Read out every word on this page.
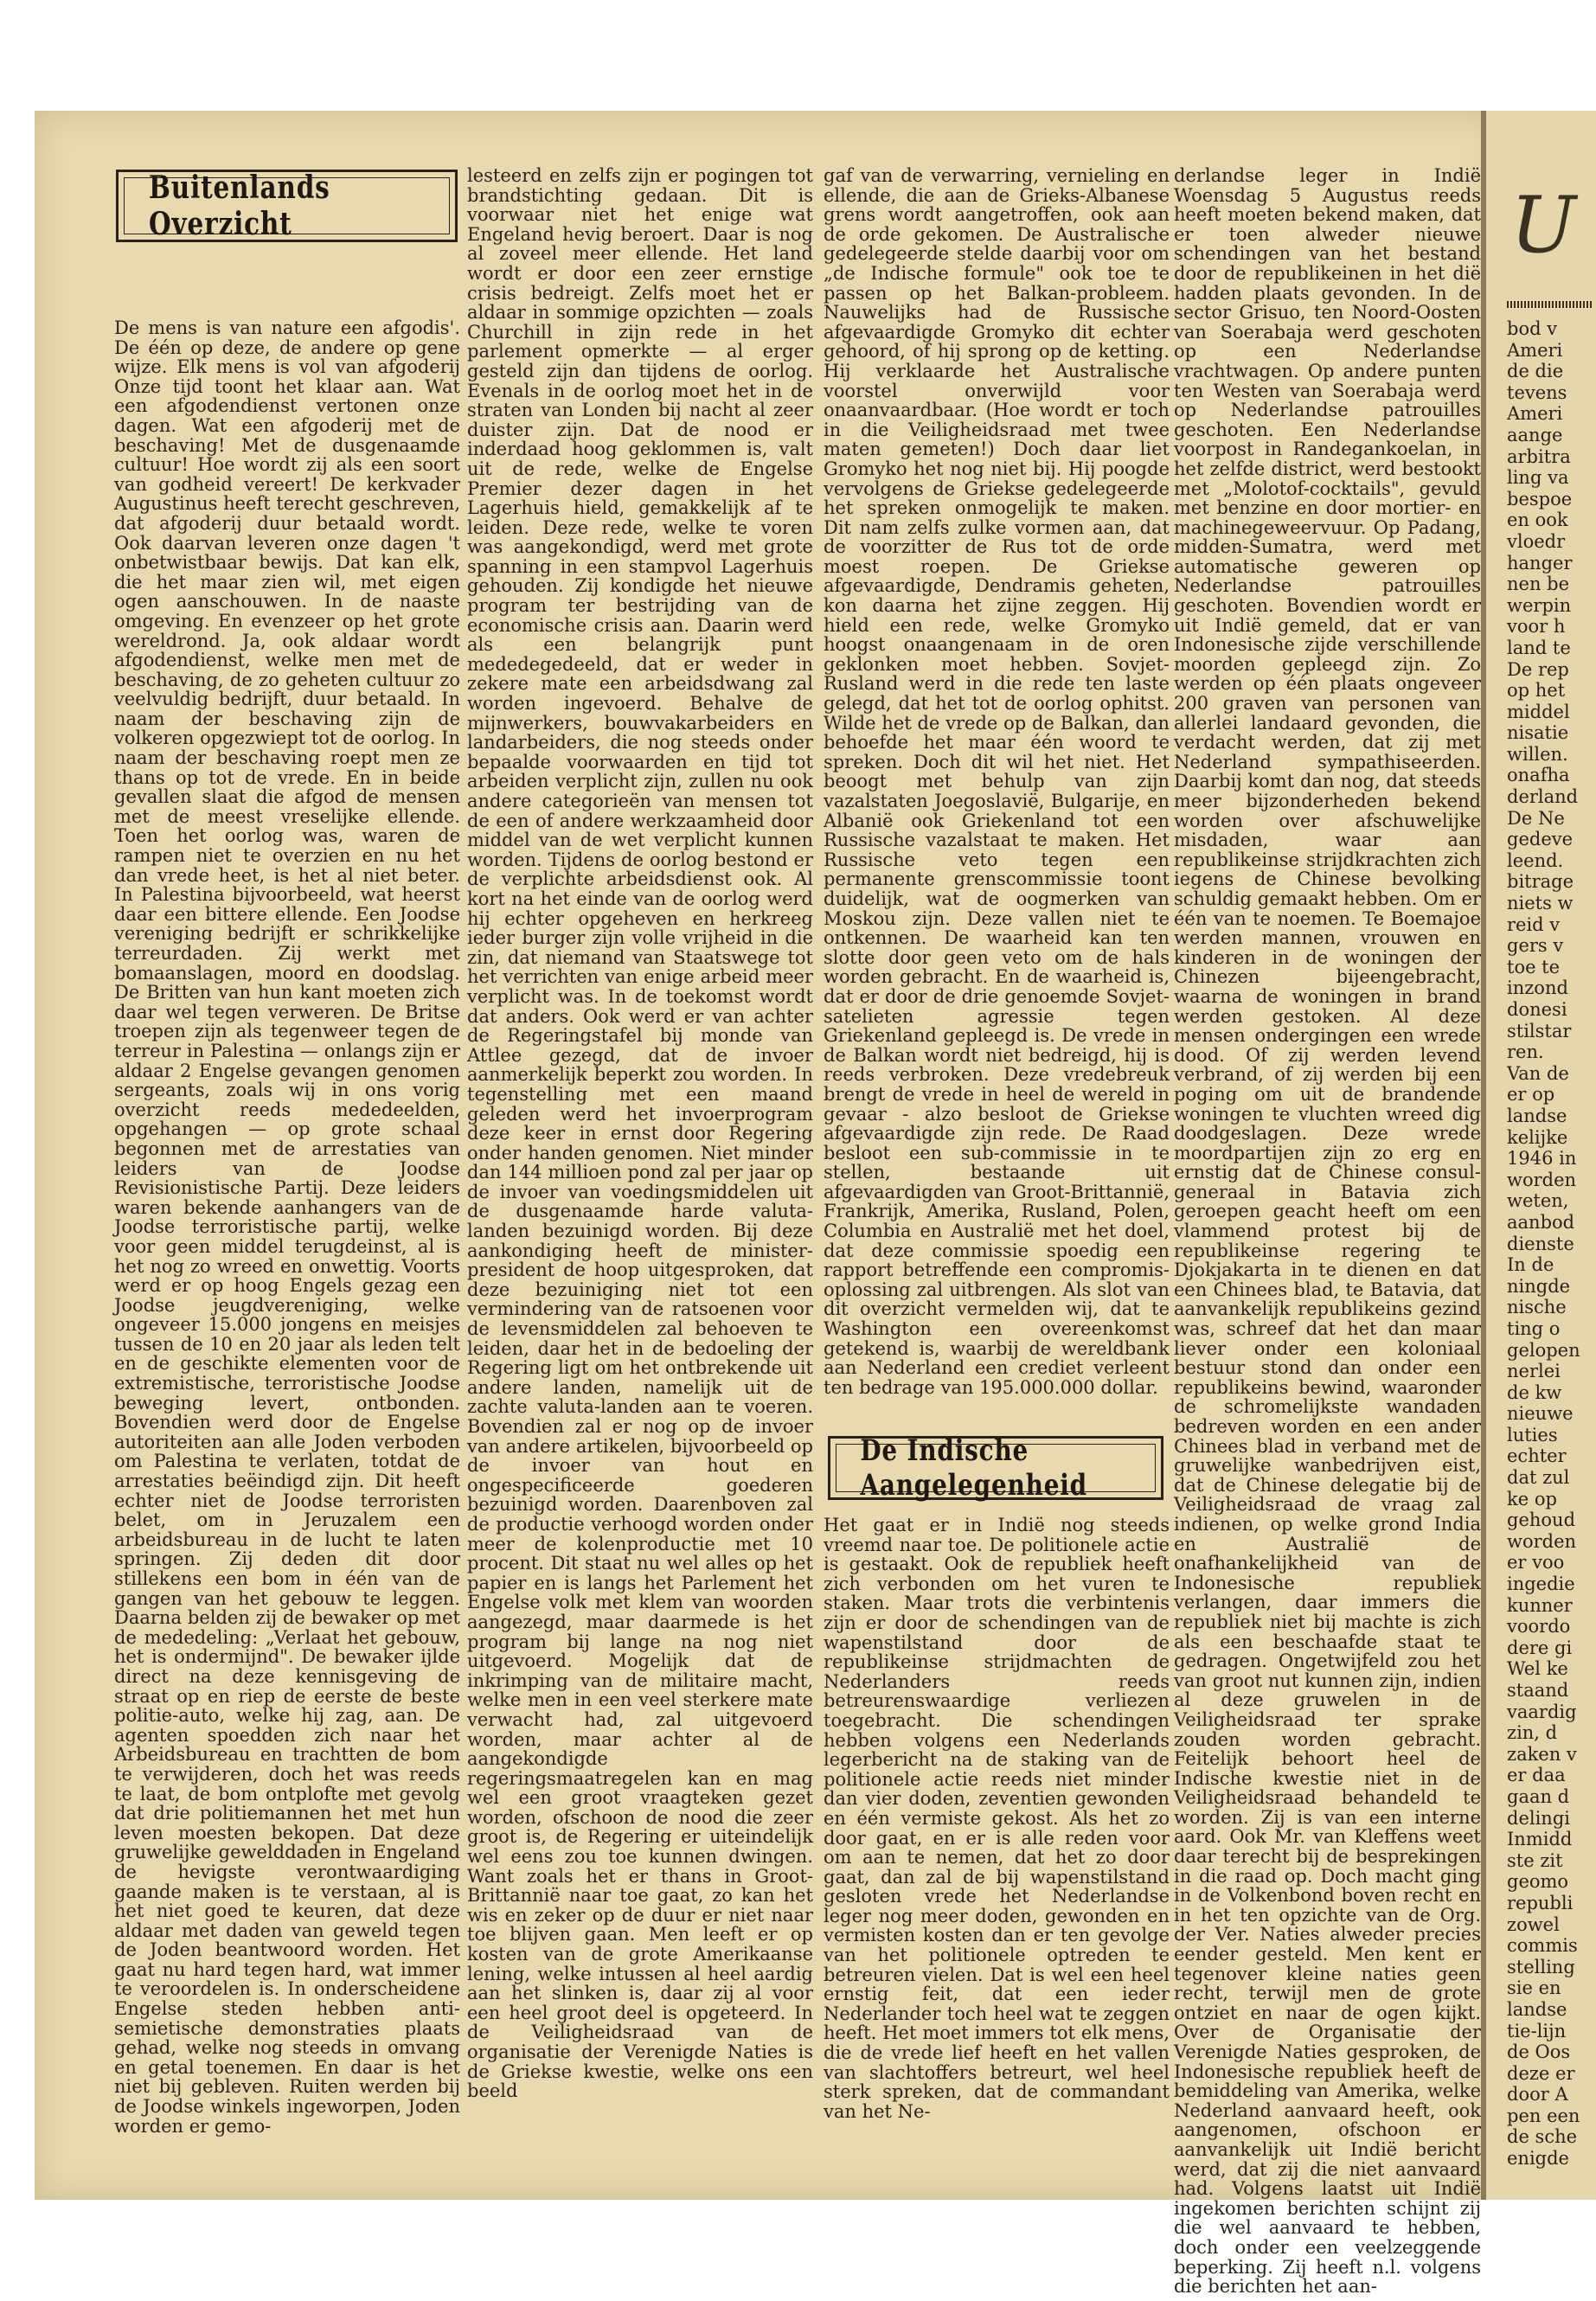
Buitenlands Overzicht

De mens is van nature een afgodis'. De één op deze, de andere op gene wijze. Elk mens is vol van afgoderij Onze tijd toont het klaar aan. Wat een afgodendienst vertonen onze dagen. Wat een afgoderij met de beschaving! Met de dusgenaamde cultuur! Hoe wordt zij als een soort van godheid vereert! De kerkvader Augustinus heeft terecht geschreven, dat afgoderij duur betaald wordt. Ook daarvan leveren onze dagen 't onbetwistbaar bewijs. Dat kan elk, die het maar zien wil, met eigen ogen aanschouwen. In de naaste omgeving. En evenzeer op het grote wereldrond. Ja, ook aldaar wordt afgodendienst, welke men met de beschaving, de zo geheten cultuur zo veelvuldig bedrijft, duur betaald. In naam der beschaving zijn de volkeren opgezwiept tot de oorlog. In naam der beschaving roept men ze thans op tot de vrede. En in beide gevallen slaat die afgod de mensen met de meest vreselijke ellende. Toen het oorlog was, waren de rampen niet te overzien en nu het dan vrede heet, is het al niet beter. In Palestina bijvoorbeeld, wat heerst daar een bittere ellende. Een Joodse vereniging bedrijft er schrikkelijke terreurdaden. Zij werkt met bomaanslagen, moord en doodslag. De Britten van hun kant moeten zich daar wel tegen verweren. De Britse troepen zijn als tegenweer tegen de terreur in Palestina — onlangs zijn er aldaar 2 Engelse gevangen genomen sergeants, zoals wij in ons vorig overzicht reeds mededeelden, opgehangen — op grote schaal begonnen met de arrestaties van leiders van de Joodse Revisionistische Partij. Deze leiders waren bekende aanhangers van de Joodse terroristische partij, welke voor geen middel terugdeinst, al is het nog zo wreed en onwettig. Voorts werd er op hoog Engels gezag een Joodse jeugdvereniging, welke ongeveer 15.000 jongens en meisjes tussen de 10 en 20 jaar als leden telt en de geschikte elementen voor de extremistische, terroristische Joodse beweging levert, ontbonden. Bovendien werd door de Engelse autoriteiten aan alle Joden verboden om Palestina te verlaten, totdat de arrestaties beëindigd zijn. Dit heeft echter niet de Joodse terroristen belet, om in Jeruzalem een arbeidsbureau in de lucht te laten springen. Zij deden dit door stillekens een bom in één van de gangen van het gebouw te leggen. Daarna belden zij de bewaker op met de mededeling: „Verlaat het gebouw, het is ondermijnd". De bewaker ijlde direct na deze kennisgeving de straat op en riep de eerste de beste politie-auto, welke hij zag, aan. De agenten spoedden zich naar het Arbeidsbureau en trachtten de bom te verwijderen, doch het was reeds te laat, de bom ontplofte met gevolg dat drie politiemannen het met hun leven moesten bekopen. Dat deze gruwelijke gewelddaden in Engeland de hevigste verontwaardiging gaande maken is te verstaan, al is het niet goed te keuren, dat deze aldaar met daden van geweld tegen de Joden beantwoord worden. Het gaat nu hard tegen hard, wat immer te veroordelen is. In onderscheidene Engelse steden hebben anti-semietische demonstraties plaats gehad, welke nog steeds in omvang en getal toenemen. En daar is het niet bij gebleven. Ruiten werden bij de Joodse winkels ingeworpen, Joden worden er gemo-

lesteerd en zelfs zijn er pogingen tot brandstichting gedaan. Dit is voorwaar niet het enige wat Engeland hevig beroert. Daar is nog al zoveel meer ellende. Het land wordt er door een zeer ernstige crisis bedreigt. Zelfs moet het er aldaar in sommige opzichten — zoals Churchill in zijn rede in het parlement opmerkte — al erger gesteld zijn dan tijdens de oorlog. Evenals in de oorlog moet het in de straten van Londen bij nacht al zeer duister zijn. Dat de nood er inderdaad hoog geklommen is, valt uit de rede, welke de Engelse Premier dezer dagen in het Lagerhuis hield, gemakkelijk af te leiden. Deze rede, welke te voren was aangekondigd, werd met grote spanning in een stampvol Lagerhuis gehouden. Zij kondigde het nieuwe program ter bestrijding van de economische crisis aan. Daarin werd als een belangrijk punt mededegedeeld, dat er weder in zekere mate een arbeidsdwang zal worden ingevoerd. Behalve de mijnwerkers, bouwvakarbeiders en landarbeiders, die nog steeds onder bepaalde voorwaarden en tijd tot arbeiden verplicht zijn, zullen nu ook andere categorieën van mensen tot de een of andere werkzaamheid door middel van de wet verplicht kunnen worden. Tijdens de oorlog bestond er de verplichte arbeidsdienst ook. Al kort na het einde van de oorlog werd hij echter opgeheven en herkreeg ieder burger zijn volle vrijheid in die zin, dat niemand van Staatswege tot het verrichten van enige arbeid meer verplicht was. In de toekomst wordt dat anders. Ook werd er van achter de Regeringstafel bij monde van Attlee gezegd, dat de invoer aanmerkelijk beperkt zou worden. In tegenstelling met een maand geleden werd het invoerprogram deze keer in ernst door Regering onder handen genomen. Niet minder dan 144 millioen pond zal per jaar op de invoer van voedingsmiddelen uit de dusgenaamde harde valuta-landen bezuinigd worden. Bij deze aankondiging heeft de minister-president de hoop uitgesproken, dat deze bezuiniging niet tot een vermindering van de ratsoenen voor de levensmiddelen zal behoeven te leiden, daar het in de bedoeling der Regering ligt om het ontbrekende uit andere landen, namelijk uit de zachte valuta-landen aan te voeren. Bovendien zal er nog op de invoer van andere artikelen, bijvoorbeeld op de invoer van hout en ongespecificeerde goederen bezuinigd worden. Daarenboven zal de productie verhoogd worden onder meer de kolenproductie met 10 procent. Dit staat nu wel alles op het papier en is langs het Parlement het Engelse volk met klem van woorden aangezegd, maar daarmede is het program bij lange na nog niet uitgevoerd. Mogelijk dat de inkrimping van de militaire macht, welke men in een veel sterkere mate verwacht had, zal uitgevoerd worden, maar achter al de aangekondigde regeringsmaatregelen kan en mag wel een groot vraagteken gezet worden, ofschoon de nood die zeer groot is, de Regering er uiteindelijk wel eens zou toe kunnen dwingen. Want zoals het er thans in Groot-Brittannië naar toe gaat, zo kan het wis en zeker op de duur er niet naar toe blijven gaan. Men leeft er op kosten van de grote Amerikaanse lening, welke intussen al heel aardig aan het slinken is, daar zij al voor een heel groot deel is opgeteerd. In de Veiligheidsraad van de organisatie der Verenigde Naties is de Griekse kwestie, welke ons een beeld

gaf van de verwarring, vernieling en ellende, die aan de Grieks-Albanese grens wordt aangetroffen, ook aan de orde gekomen. De Australische gedelegeerde stelde daarbij voor om „de Indische formule" ook toe te passen op het Balkan-probleem. Nauwelijks had de Russische afgevaardigde Gromyko dit echter gehoord, of hij sprong op de ketting. Hij verklaarde het Australische voorstel onverwijld voor onaanvaardbaar. (Hoe wordt er toch in die Veiligheidsraad met twee maten gemeten!) Doch daar liet Gromyko het nog niet bij. Hij poogde vervolgens de Griekse gedelegeerde het spreken onmogelijk te maken. Dit nam zelfs zulke vormen aan, dat de voorzitter de Rus tot de orde moest roepen. De Griekse afgevaardigde, Dendramis geheten, kon daarna het zijne zeggen. Hij hield een rede, welke Gromyko hoogst onaangenaam in de oren geklonken moet hebben. Sovjet-Rusland werd in die rede ten laste gelegd, dat het tot de oorlog ophitst. Wilde het de vrede op de Balkan, dan behoefde het maar één woord te spreken. Doch dit wil het niet. Het beoogt met behulp van zijn vazalstaten Joegoslavië, Bulgarije, en Albanië ook Griekenland tot een Russische vazalstaat te maken. Het Russische veto tegen een permanente grenscommissie toont duidelijk, wat de oogmerken van Moskou zijn. Deze vallen niet te ontkennen. De waarheid kan ten slotte door geen veto om de hals worden gebracht. En de waarheid is, dat er door de drie genoemde Sovjet-satelieten agressie tegen Griekenland gepleegd is. De vrede in de Balkan wordt niet bedreigd, hij is reeds verbroken. Deze vredebreuk brengt de vrede in heel de wereld in gevaar - alzo besloot de Griekse afgevaardigde zijn rede. De Raad besloot een sub-commissie in te stellen, bestaande uit afgevaardigden van Groot-Brittannië, Frankrijk, Amerika, Rusland, Polen, Columbia en Australië met het doel, dat deze commissie spoedig een rapport betreffende een compromis-oplossing zal uitbrengen. Als slot van dit overzicht vermelden wij, dat te Washington een overeenkomst getekend is, waarbij de wereldbank aan Nederland een crediet verleent ten bedrage van 195.000.000 dollar.

De Indische Aangelegenheid

Het gaat er in Indië nog steeds vreemd naar toe. De politionele actie is gestaakt. Ook de republiek heeft zich verbonden om het vuren te staken. Maar trots die verbintenis zijn er door de schendingen van de wapenstilstand door de republikeinse strijdmachten de Nederlanders reeds betreurenswaardige verliezen toegebracht. Die schendingen hebben volgens een Nederlands legerbericht na de staking van de politionele actie reeds niet minder dan vier doden, zeventien gewonden en één vermiste gekost. Als het zo door gaat, en er is alle reden voor om aan te nemen, dat het zo door gaat, dan zal de bij wapenstilstand gesloten vrede het Nederlandse leger nog meer doden, gewonden en vermisten kosten dan er ten gevolge van het politionele optreden te betreuren vielen. Dat is wel een heel ernstig feit, dat een ieder Nederlander toch heel wat te zeggen heeft. Het moet immers tot elk mens, die de vrede lief heeft en het vallen van slachtoffers betreurt, wel heel sterk spreken, dat de commandant van het Ne-

derlandse leger in Indië Woensdag 5 Augustus reeds heeft moeten bekend maken, dat er toen alweder nieuwe schendingen van het bestand door de republikeinen in het dië hadden plaats gevonden. In de sector Grisuo, ten Noord-Oosten van Soerabaja werd geschoten op een Nederlandse vrachtwagen. Op andere punten ten Westen van Soerabaja werd op Nederlandse patrouilles geschoten. Een Nederlandse voorpost in Randegankoelan, in het zelfde district, werd bestookt met „Molotof-cocktails", gevuld met benzine en door mortier- en machinegeweervuur. Op Padang, midden-Sumatra, werd met automatische geweren op Nederlandse patrouilles geschoten. Bovendien wordt er uit Indië gemeld, dat er van Indonesische zijde verschillende moorden gepleegd zijn. Zo werden op één plaats ongeveer 200 graven van personen van allerlei landaard gevonden, die verdacht werden, dat zij met Nederland sympathiseerden. Daarbij komt dan nog, dat steeds meer bijzonderheden bekend worden over afschuwelijke misdaden, waar aan republikeinse strijdkrachten zich iegens de Chinese bevolking schuldig gemaakt hebben. Om er één van te noemen. Te Boemajoe werden mannen, vrouwen en kinderen in de woningen der Chinezen bijeengebracht, waarna de woningen in brand werden gestoken. Al deze mensen ondergingen een wrede dood. Of zij werden levend verbrand, of zij werden bij een poging om uit de brandende woningen te vluchten wreed dig doodgeslagen. Deze wrede moordpartijen zijn zo erg en ernstig dat de Chinese consul-generaal in Batavia zich geroepen geacht heeft om een vlammend protest bij de republikeinse regering te Djokjakarta in te dienen en dat een Chinees blad, te Batavia, dat aanvankelijk republikeins gezind was, schreef dat het dan maar liever onder een koloniaal bestuur stond dan onder een republikeins bewind, waaronder de schromelijkste wandaden bedreven worden en een ander Chinees blad in verband met de gruwelijke wanbedrijven eist, dat de Chinese delegatie bij de Veiligheidsraad de vraag zal indienen, op welke grond India en Australië de onafhankelijkheid van de Indonesische republiek verlangen, daar immers die republiek niet bij machte is zich als een beschaafde staat te gedragen. Ongetwijfeld zou het van groot nut kunnen zijn, indien al deze gruwelen in de Veiligheidsraad ter sprake zouden worden gebracht. Feitelijk behoort heel de Indische kwestie niet in de Veiligheidsraad behandeld te worden. Zij is van een interne aard. Ook Mr. van Kleffens weet daar terecht bij de besprekingen in die raad op. Doch macht ging in de Volkenbond boven recht en in het ten opzichte van de Org. der Ver. Naties alweder precies eender gesteld. Men kent er tegenover kleine naties geen recht, terwijl men de grote ontziet en naar de ogen kijkt. Over de Organisatie der Verenigde Naties gesproken, de Indonesische republiek heeft de bemiddeling van Amerika, welke Nederland aanvaard heeft, ook aangenomen, ofschoon er aanvankelijk uit Indië bericht werd, dat zij die niet aanvaard had. Volgens laatst uit Indië ingekomen berichten schijnt zij die wel aanvaard te hebben, doch onder een veelzeggende beperking. Zij heeft n.l. volgens die berichten het aan-

U
bod v
Ameri
de die
tevens
Ameri
aange
arbitra
ling va
bespoe
en ook
vloedr
hanger
nen be
werpin
voor h
land te
De rep
op het
middel
nisatie
willen.
onafha
derland
De Ne
gedeve
leend.
bitrage
niets w
reid v
gers v
toe te
inzond
donesi
stilstar
ren.
Van de
er op
landse
kelijke
1946 in
worden
weten,
aanbod
dienste
In de
ningde
nische
ting o
gelopen
nerlei
de kw
nieuwe
luties
echter
dat zul
ke op
gehoud
worden
er voo
ingedie
kunner
voordo
dere gi
Wel ke
staand
vaardig
zin, d
zaken v
er daa
gaan d
delingi
Inmidd
ste zit
geomo
republi
zowel
commis
stelling
sie en
landse
tie-lijn
de Oos
deze er
door A
pen een
de sche
enigde
